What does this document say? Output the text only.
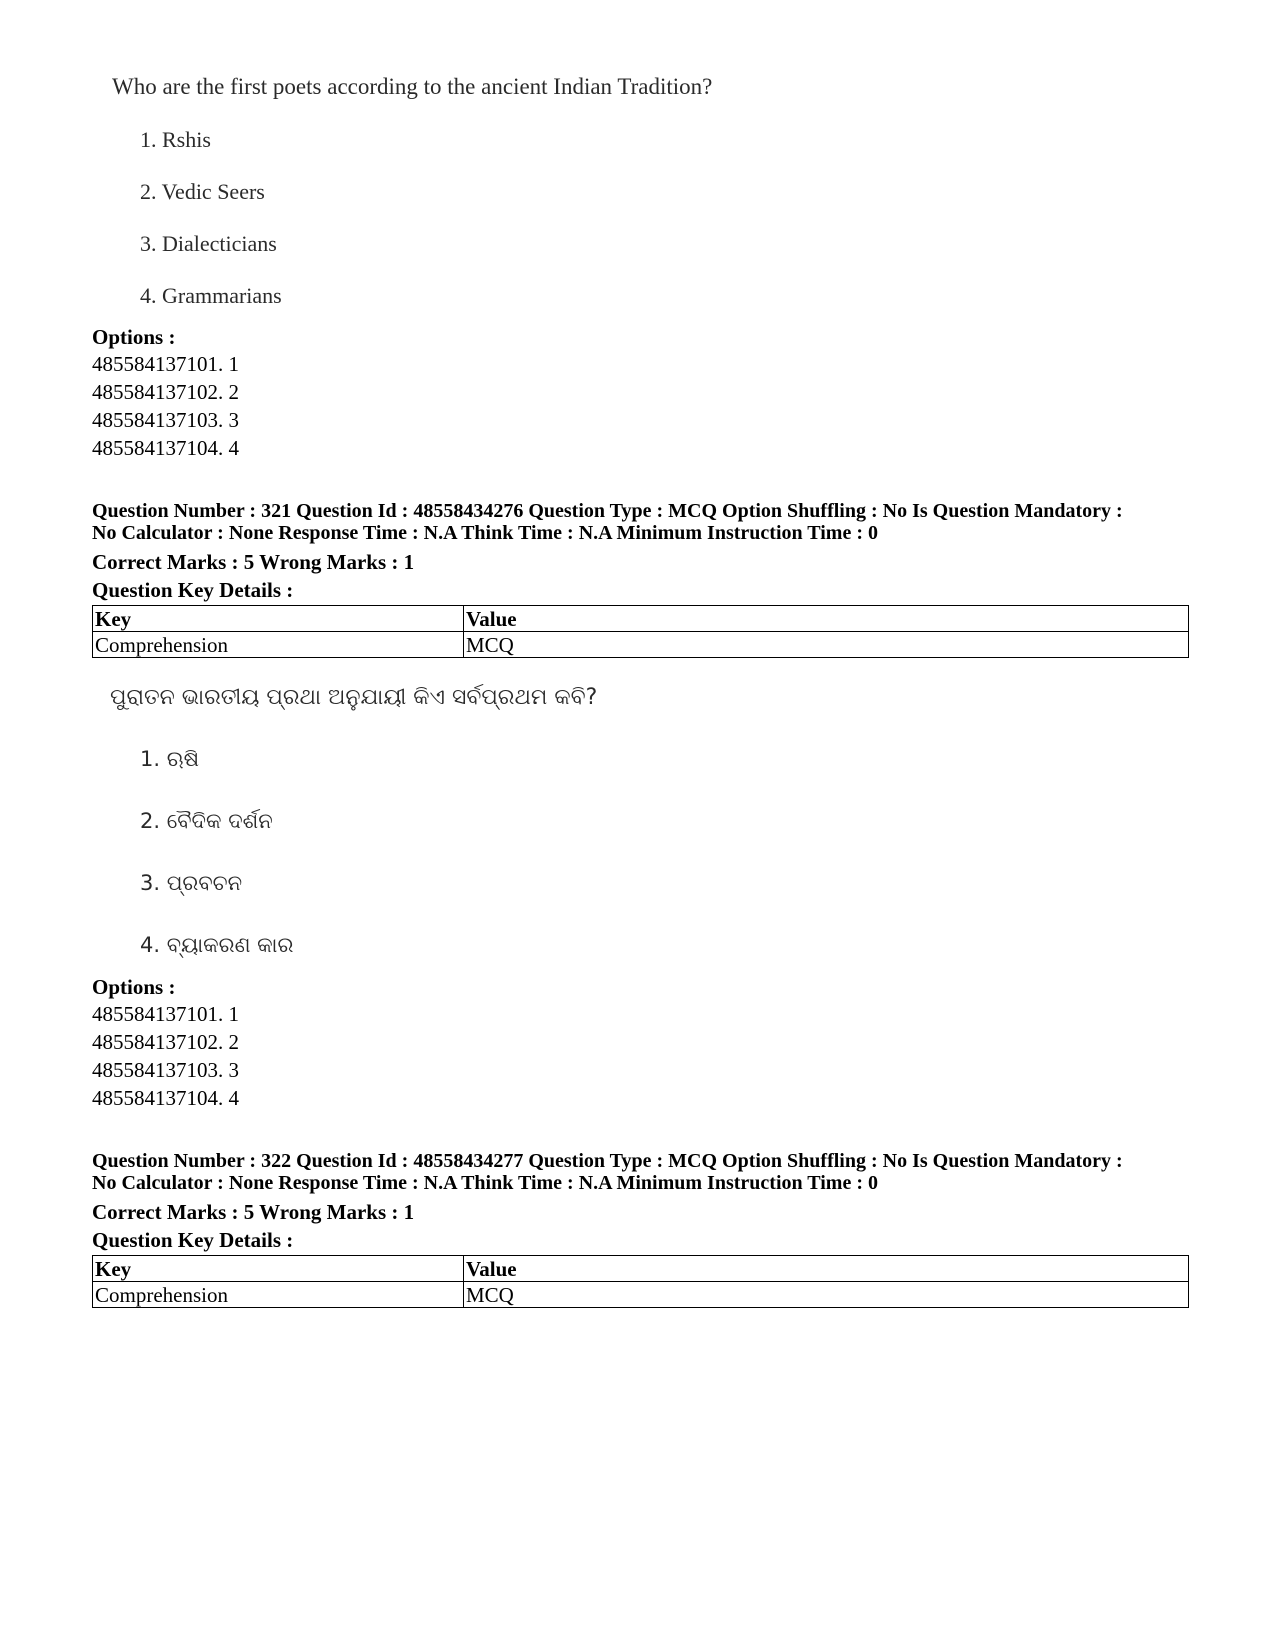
Who are the first poets according to the ancient Indian Tradition?
1. Rshis
2. Vedic Seers
3. Dialecticians
4. Grammarians
Options :
485584137101. 1
485584137102. 2
485584137103. 3
485584137104. 4
Question Number : 321 Question Id : 48558434276 Question Type : MCQ Option Shuffling : No Is Question Mandatory :
No Calculator : None Response Time : N.A Think Time : N.A Minimum Instruction Time : 0
Correct Marks : 5 Wrong Marks : 1
Question Key Details :
Key	Value
Comprehension	MCQ
ପୁରାତନ ଭାରତୀୟ ପ୍ରଥା ଅନୁଯାୟୀ କିଏ ସର୍ବପ୍ରଥମ କବି?
1. ଋଷି
2. ବୈଦିକ ଦର୍ଶନ
3. ପ୍ରବଚନ
4. ବ୍ୟାକରଣ କାର
Options :
485584137101. 1
485584137102. 2
485584137103. 3
485584137104. 4
Question Number : 322 Question Id : 48558434277 Question Type : MCQ Option Shuffling : No Is Question Mandatory :
No Calculator : None Response Time : N.A Think Time : N.A Minimum Instruction Time : 0
Correct Marks : 5 Wrong Marks : 1
Question Key Details :
Key	Value
Comprehension	MCQ
